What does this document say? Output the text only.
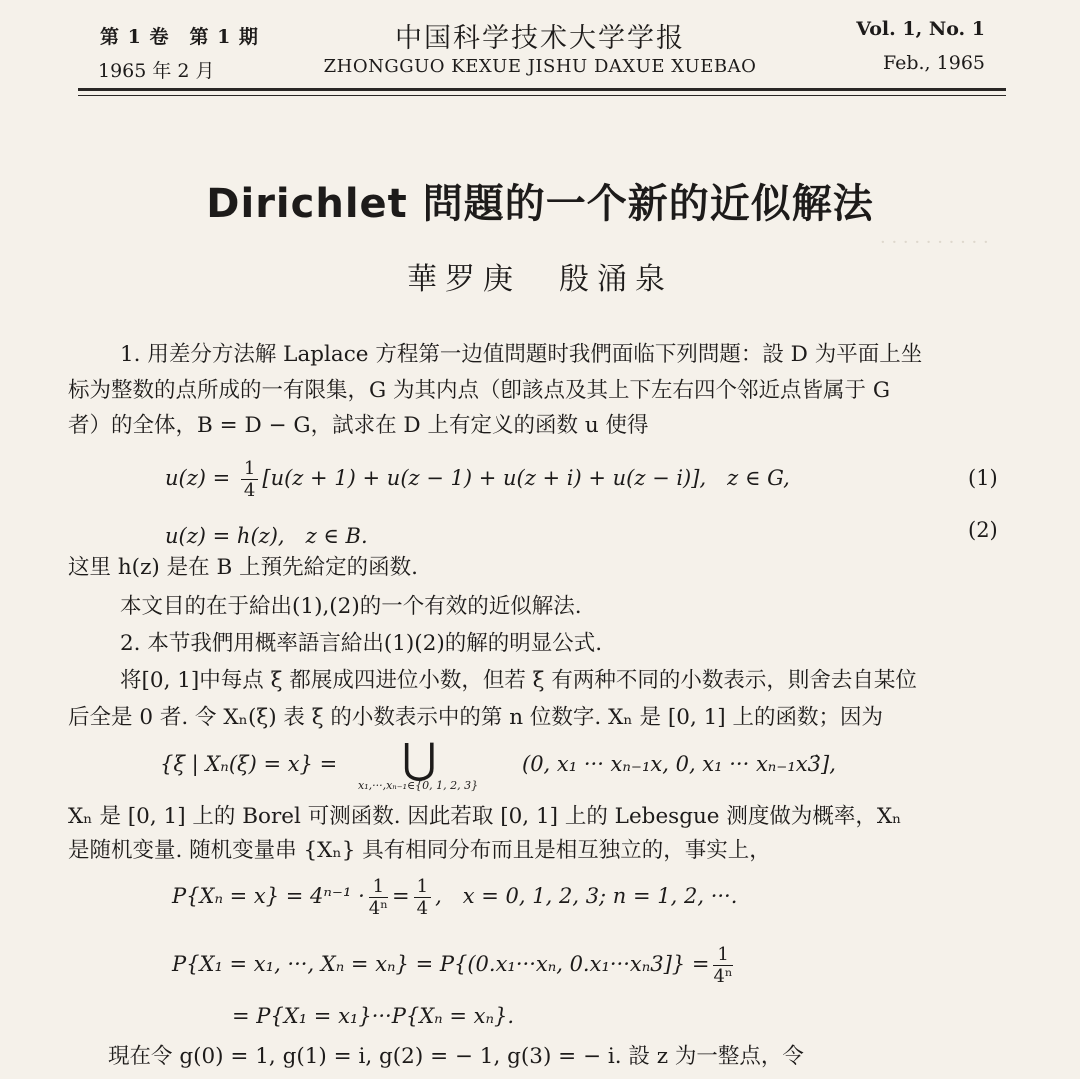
· · · · · · · · · ·
第 1 卷　第 1 期
1965 年 2 月
中国科学技术大学学报
ZHONGGUO KEXUE JISHU DAXUE XUEBAO
Vol. 1, No. 1
Feb., 1965
Dirichlet 問題的一个新的近似解法
華罗庚　殷涌泉
1. 用差分方法解 Laplace 方程第一边值問題时我們面临下列問題：設 D 为平面上坐
标为整数的点所成的一有限集，G 为其内点（卽該点及其上下左右四个邻近点皆属于 G
者）的全体，B = D − G，試求在 D 上有定义的函数 u 使得
$u(z) = \frac{1}{4} [u(z + 1) + u(z - 1) + u(z + i) + u(z - i)]$,　z ∈ G,	(1)
u(z) = h(z),　z ∈ B.	(2)
这里 h(z) 是在 B 上預先給定的函数.
本文目的在于給出(1),(2)的一个有效的近似解法.
2. 本节我們用概率語言給出(1)(2)的解的明显公式.
将[0, 1]中每点 ξ 都展成四进位小数，但若 ξ 有两种不同的小数表示，則舍去自某位
后全是 0 者. 令 Xₙ(ξ) 表 ξ 的小数表示中的第 n 位数字. Xₙ 是 [0, 1] 上的函数；因为
{ξ | Xₙ(ξ) = x} = ⋃
x₁,···,xₙ₋₁∈{0, 1, 2, 3}
(0, x₁ ··· xₙ₋₁x, 0, x₁ ··· xₙ₋₁x3̇],
Xₙ 是 [0, 1] 上的 Borel 可测函数. 因此若取 [0, 1] 上的 Lebesgue 测度做为概率，Xₙ
是随机变量. 随机变量串 {Xₙ} 具有相同分布而且是相互独立的，事实上，
$P\{X_n = x\} = 4^{n-1} \cdot \frac{1}{\text{4ⁿ}} = \frac{1}{4}$ ,　x = 0, 1, 2, 3; n = 1, 2, ···.
P{X₁ = x₁, ···, Xₙ = xₙ} = P{(0.x₁···xₙ, $0.x_1\cdot\cdot\cdot x_n3]\} = \frac{1}{\text{4ⁿ}}$
= P{X₁ = x₁}···P{Xₙ = xₙ}.
現在令 g(0) = 1, g(1) = i, g(2) = − 1, g(3) = − i. 設 z 为一整点，令
